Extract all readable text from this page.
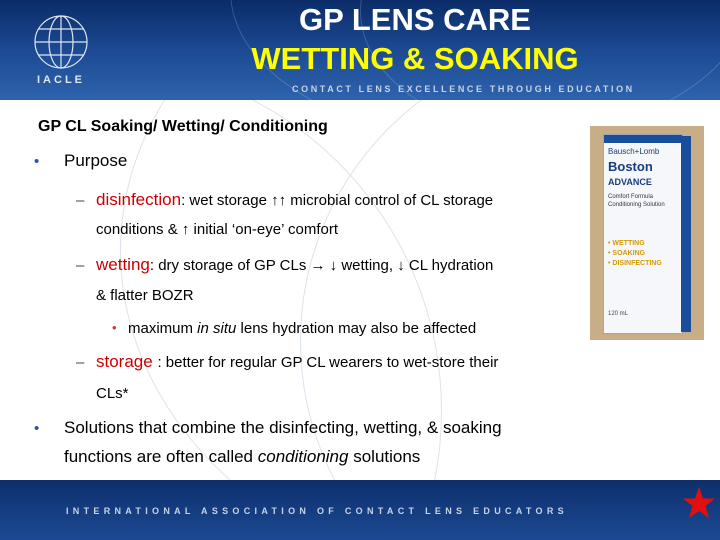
IACLE
GP LENS CARE
WETTING & SOAKING
CONTACT LENS EXCELLENCE THROUGH EDUCATION
GP CL Soaking/ Wetting/ Conditioning
• Purpose
– disinfection: wet storage ↑↑ microbial control of CL storage
conditions & ↑ initial ‘on-eye’ comfort
– wetting: dry storage of GP CLs → ↓ wetting, ↓ CL hydration
& flatter BOZR
• maximum in situ lens hydration may also be affected
– storage : better for regular GP CL wearers to wet-store their
CLs*
• Solutions that combine the disinfecting, wetting, & soaking
functions are often called conditioning solutions
Bausch+Lomb
Boston
ADVANCE
Comfort Formula Conditioning Solution
• WETTING
• SOAKING
• DISINFECTING
120 mL
INTERNATIONAL ASSOCIATION OF CONTACT LENS EDUCATORS
